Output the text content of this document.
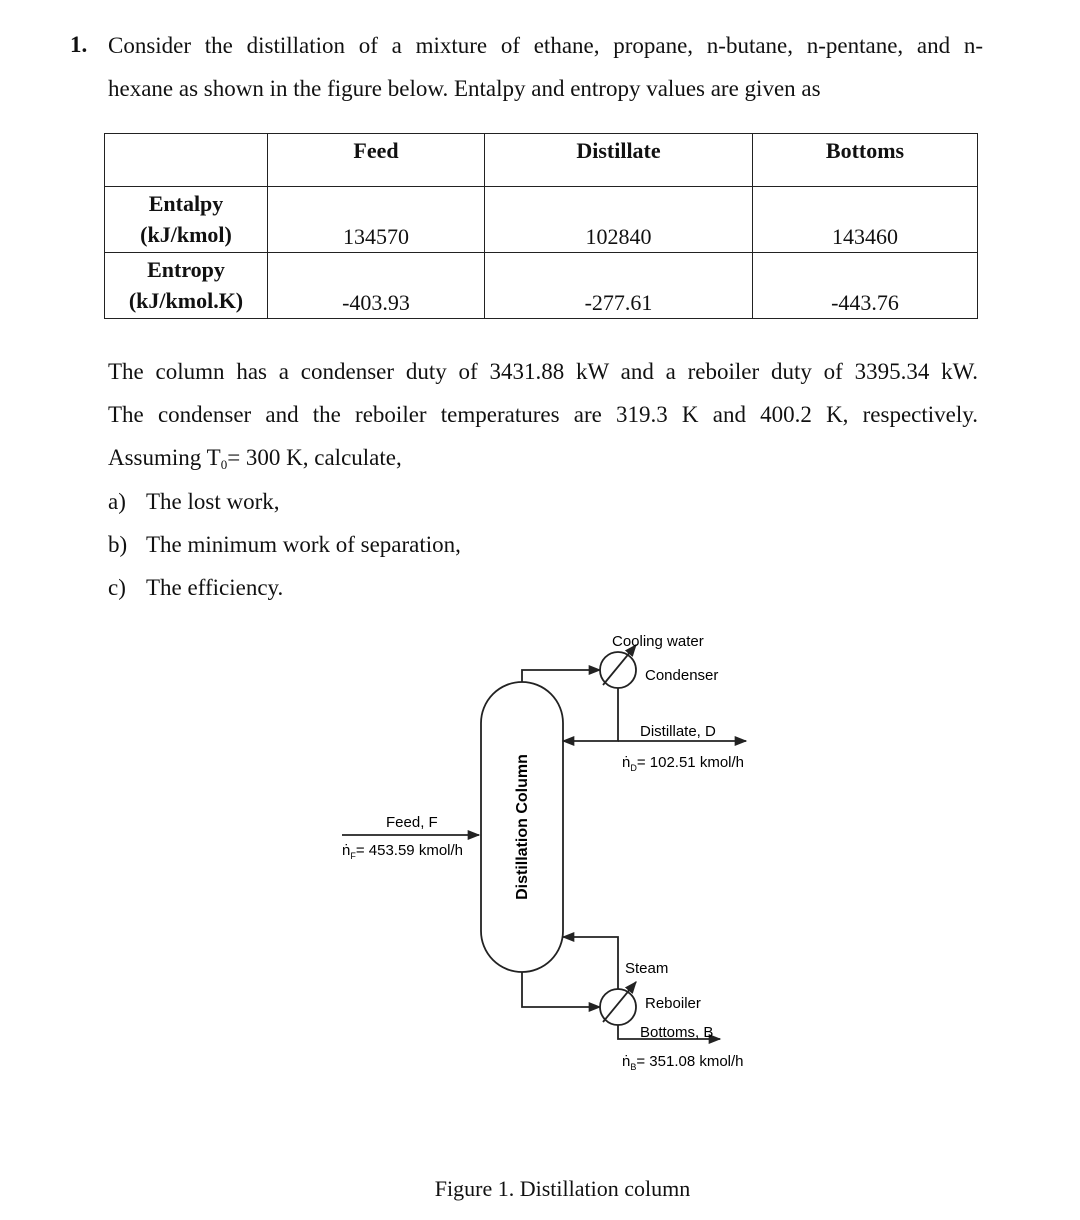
1. Consider the distillation of a mixture of ethane, propane, n-butane, n-pentane, and n-
hexane as shown in the figure below. Entalpy and entropy values are given as
	Feed	Distillate	Bottoms
Entalpy
(kJ/kmol)	134570	102840	143460
Entropy
(kJ/kmol.K)	-403.93	-277.61	-443.76
The column has a condenser duty of 3431.88 kW and a reboiler duty of 3395.34 kW.
The condenser and the reboiler temperatures are 319.3 K and 400.2 K, respectively.
Assuming T0= 300 K, calculate,
a) The lost work,
b) The minimum work of separation,
c) The efficiency.
Distillation Column
Cooling water
Condenser
Distillate, D
ṅ$_D$= 102.51 kmol/h
Feed, F
ṅ$_F$= 453.59 kmol/h
Steam
Reboiler
Bottoms, B
ṅ$_B$= 351.08 kmol/h
Figure 1. Distillation column
